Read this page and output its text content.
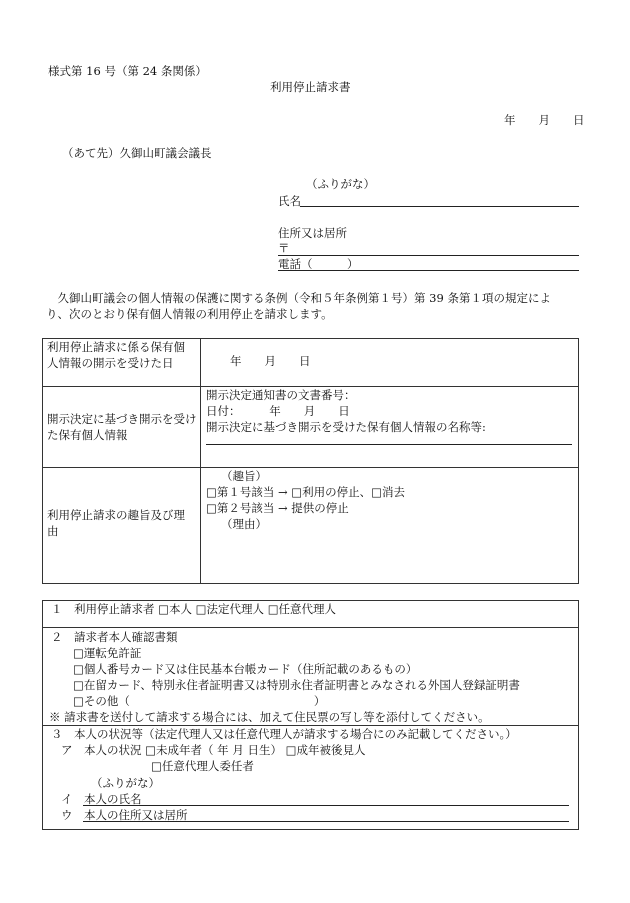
様式第 16 号（第 24 条関係）
利用停止請求書
年　　月　　日
（あて先）久御山町議会議長
（ふりがな）
氏名
住所又は居所
〒
電話（　　　）
　久御山町議会の個人情報の保護に関する条例（令和５年条例第１号）第 39 条第１項の規定によ
り、次のとおり保有個人情報の利用停止を請求します。
利用停止請求に係る保有個人情報の開示を受けた日	年　　月　　日
開示決定に基づき開示を受けた保有個人情報
開示決定通知書の文書番号：
日付：　　　年　　月　　日
開示決定に基づき開示を受けた保有個人情報の名称等:
利用停止請求の趣旨及び理由
（趣旨）
□第１号該当 → □利用の停止、□消去
□第２号該当 → 提供の停止
（理由）
１　利用停止請求者 □本人 □法定代理人 □任意代理人
２　請求者本人確認書類
□運転免許証
□個人番号カード又は住民基本台帳カード（住所記載のあるもの）
□在留カード、特別永住者証明書又は特別永住者証明書とみなされる外国人登録証明書
□その他（　　　　　　　　　　　　　　　　）
※ 請求書を送付して請求する場合には、加えて住民票の写し等を添付してください。
３　本人の状況等（法定代理人又は任意代理人が請求する場合にのみ記載してください。）
ア　本人の状況 □未成年者（ 年 月 日生） □成年被後見人
□任意代理人委任者
（ふりがな）
イ　本人の氏名
ウ　本人の住所又は居所
